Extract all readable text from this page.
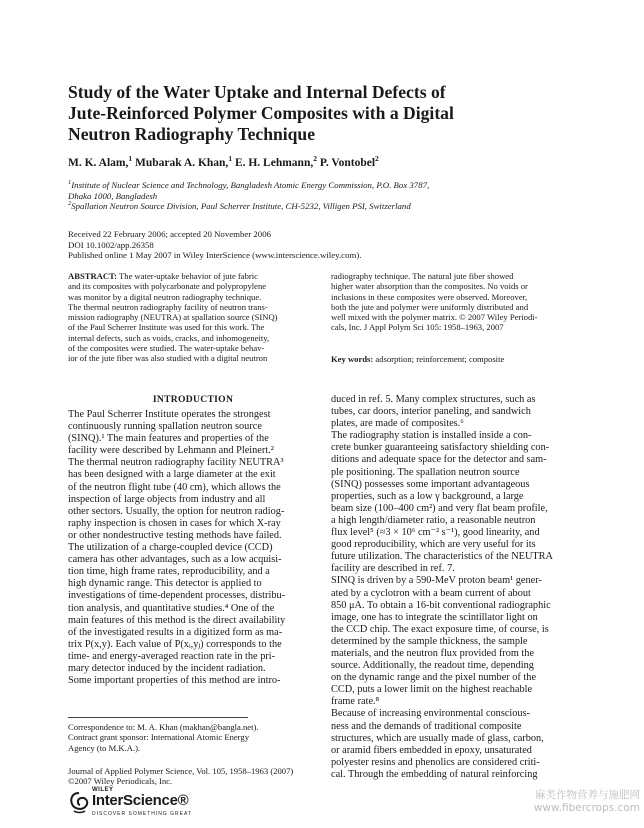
Study of the Water Uptake and Internal Defects of
Jute-Reinforced Polymer Composites with a Digital
Neutron Radiography Technique
M. K. Alam,$^1$ Mubarak A. Khan,$^1$ E. H. Lehmann,$^2$ P. Vontobel$^2$
$^1$Institute of Nuclear Science and Technology, Bangladesh Atomic Energy Commission, P.O. Box 3787,
Dhaka 1000, Bangladesh
$^2$Spallation Neutron Source Division, Paul Scherrer Institute, CH-5232, Villigen PSI, Switzerland
Received 22 February 2006; accepted 20 November 2006
DOI 10.1002/app.26358
Published online 1 May 2007 in Wiley InterScience (www.interscience.wiley.com).
ABSTRACT: The water-uptake behavior of jute fabric
and its composites with polycarbonate and polypropylene
was monitor by a digital neutron radiography technique.
The thermal neutron radiography facility of neutron trans-
mission radiography (NEUTRA) at spallation source (SINQ)
of the Paul Scherrer Institute was used for this work. The
internal defects, such as voids, cracks, and inhomogeneity,
of the composites were studied. The water-uptake behav-
ior of the jute fiber was also studied with a digital neutron
radiography technique. The natural jute fiber showed
higher water absorption than the composites. No voids or
inclusions in these composites were observed. Moreover,
both the jute and polymer were uniformly distributed and
well mixed with the polymer matrix. © 2007 Wiley Periodi-
cals, Inc. J Appl Polym Sci 105: 1958–1963, 2007
Key words: adsorption; reinforcement; composite
INTRODUCTION
The Paul Scherrer Institute operates the strongest
continuously running spallation neutron source
(SINQ).¹ The main features and properties of the
facility were described by Lehmann and Pleinert.²
The thermal neutron radiography facility NEUTRA³
has been designed with a large diameter at the exit
of the neutron flight tube (40 cm), which allows the
inspection of large objects from industry and all
other sectors. Usually, the option for neutron radiog-
raphy inspection is chosen in cases for which X-ray
or other nondestructive testing methods have failed.
The utilization of a charge-coupled device (CCD)
camera has other advantages, such as a low acquisi-
tion time, high frame rates, reproducibility, and a
high dynamic range. This detector is applied to
investigations of time-dependent processes, distribu-
tion analysis, and quantitative studies.⁴ One of the
main features of this method is the direct availability
of the investigated results in a digitized form as ma-
trix P(x,y). Each value of P(xᵢ,yⱼ) corresponds to the
time- and energy-averaged reaction rate in the pri-
mary detector induced by the incident radiation.
Some important properties of this method are intro-
duced in ref. 5. Many complex structures, such as
tubes, car doors, interior paneling, and sandwich
plates, are made of composites.⁶
The radiography station is installed inside a con-
crete bunker guaranteeing satisfactory shielding con-
ditions and adequate space for the detector and sam-
ple positioning. The spallation neutron source
(SINQ) possesses some important advantageous
properties, such as a low γ background, a large
beam size (100–400 cm²) and very flat beam profile,
a high length/diameter ratio, a reasonable neutron
flux level⁵ (≈3 × 10⁶ cm⁻² s⁻¹), good linearity, and
good reproducibility, which are very useful for its
future utilization. The characteristics of the NEUTRA
facility are described in ref. 7.
SINQ is driven by a 590-MeV proton beam¹ gener-
ated by a cyclotron with a beam current of about
850 μA. To obtain a 16-bit conventional radiographic
image, one has to integrate the scintillator light on
the CCD chip. The exact exposure time, of course, is
determined by the sample thickness, the sample
materials, and the neutron flux provided from the
source. Additionally, the readout time, depending
on the dynamic range and the pixel number of the
CCD, puts a lower limit on the highest reachable
frame rate.⁸
Because of increasing environmental conscious-
ness and the demands of traditional composite
structures, which are usually made of glass, carbon,
or aramid fibers embedded in epoxy, unsaturated
polyester resins and phenolics are considered criti-
cal. Through the embedding of natural reinforcing
Correspondence to: M. A. Khan (makhan@bangla.net).
Contract grant sponsor: International Atomic Energy
Agency (to M.K.A.).
Journal of Applied Polymer Science, Vol. 105, 1958–1963 (2007)
©2007 Wiley Periodicals, Inc.
WILEY
InterScience®
DISCOVER SOMETHING GREAT
麻类作物营养与施肥网
www.fibercrops.com
